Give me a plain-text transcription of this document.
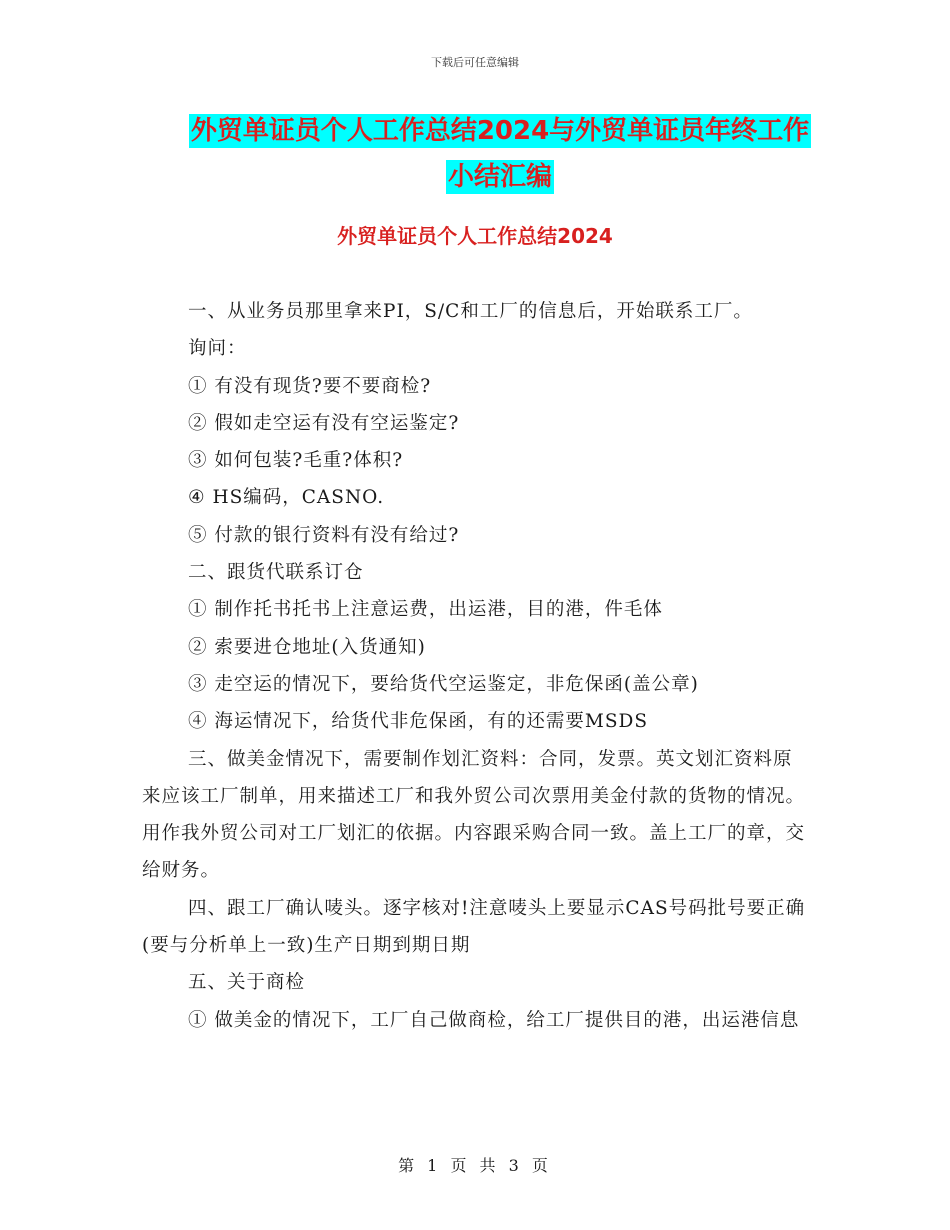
下载后可任意编辑
外贸单证员个人工作总结2024与外贸单证员年终工作
小结汇编
外贸单证员个人工作总结2024

一、从业务员那里拿来PI，S/C和工厂的信息后，开始联系工厂。

询问：

① 有没有现货?要不要商检?

② 假如走空运有没有空运鉴定?

③ 如何包装?毛重?体积?

④ HS编码，CASNO.

⑤ 付款的银行资料有没有给过?

二、跟货代联系订仓

① 制作托书托书上注意运费，出运港，目的港，件毛体

② 索要进仓地址(入货通知)

③ 走空运的情况下，要给货代空运鉴定，非危保函(盖公章)

④ 海运情况下，给货代非危保函，有的还需要MSDS

三、做美金情况下，需要制作划汇资料：合同，发票。英文划汇资料原来应该工厂制单，用来描述工厂和我外贸公司次票用美金付款的货物的情况。用作我外贸公司对工厂划汇的依据。内容跟采购合同一致。盖上工厂的章，交给财务。

四、跟工厂确认唛头。逐字核对!注意唛头上要显示CAS号码批号要正确(要与分析单上一致)生产日期到期日期

五、关于商检

① 做美金的情况下，工厂自己做商检，给工厂提供目的港，出运港信息

第 1 页 共 3 页
